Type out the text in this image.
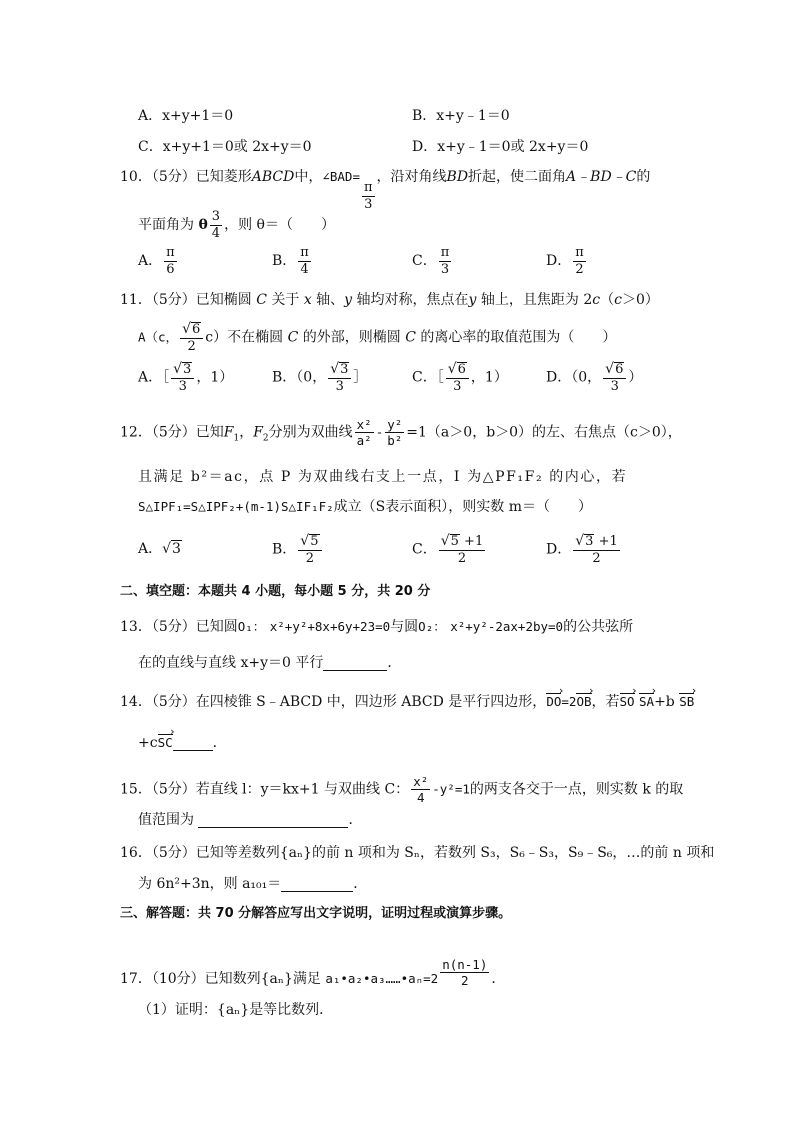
A．x+y+1＝0	B．x+y﹣1＝0
C．x+y+1＝0或 2x+y＝0	D．x+y﹣1＝0或 2x+y＝0
10．（5分）已知菱形ABCD中，∠BAD=
$\frac{\pi}{3}$
，沿对角线BD折起，使二面角A﹣BD﹣C的
平面角为 θ $\frac{3}{4}$ ，则 θ＝（　　）
A． $\frac{\pi}{6}$	B． $\frac{\pi}{4}$	C． $\frac{\pi}{3}$	D． $\frac{\pi}{2}$
11．（5分）已知椭圆 C 关于 x 轴、y 轴均对称，焦点在y 轴上，且焦距为 2c（c＞0）
A（c， $\frac{√ 6}{2} c$）不在椭圆 C 的外部，则椭圆 C 的离心率的取值范围为（　　）
A．［ $\frac{√ 3}{3}$ ，1）	B．（0， $\frac{√ 3}{3}$ ］	C．［ $\frac{√ 6}{3}$ ，1）	D．（0， $\frac{√ 6}{3}$ ）
12．（5分）已知$F_1$，$F_2$分别为双曲线 $\frac{\text{x²}}{\text{a²}} - \frac{\text{y²}}{\text{b²}} =1(a>0$，b＞0）的左、右焦点（c＞0），
且满足 b²＝ac，点 P 为双曲线右支上一点，I 为△PF₁F₂ 的内心，若
S△IPF₁=S△IPF₂+(m-1)S△IF₁F₂成立（S表示面积），则实数 m＝（　　）
A． √ 3	B． $\frac{√ 5}{2}$	C． $\frac{√ 5 +1}{2}$	D． $\frac{√ 3 +1}{2}$
二、填空题：本题共 4 小题，每小题 5 分，共 20 分
13．（5分）已知圆O₁： x²+y²+8x+6y+23=0与圆O₂： x²+y²-2ax+2by=0的公共弦所
在的直线与直线 x+y＝0 平行	．
14．（5分）在四棱锥 S﹣ABCD 中，四边形 ABCD 是平行四边形，DO ›=2OB ›，若SO › SA ›+b SB ›
+cSC ›	．
15．（5分）若直线 l：y＝kx+1 与双曲线 C： $\frac{\text{x²}}{4} -y^2=1$的两支各交于一点，则实数 k 的取
值范围为	．
16．（5分）已知等差数列{aₙ}的前 n 项和为 Sₙ，若数列 S₃，S₆﹣S₃，S₉﹣S₆，…的前 n 项和
为 6n²+3n，则 a₁₀₁＝	．
三、解答题：共 70 分解答应写出文字说明，证明过程或演算步骤。
17．（10分）已知数列{aₙ}满足 a₁•a₂•a₃……•aₙ=2 $\frac{n(n-1)}{2}$ ．
（1）证明：{aₙ}是等比数列．
